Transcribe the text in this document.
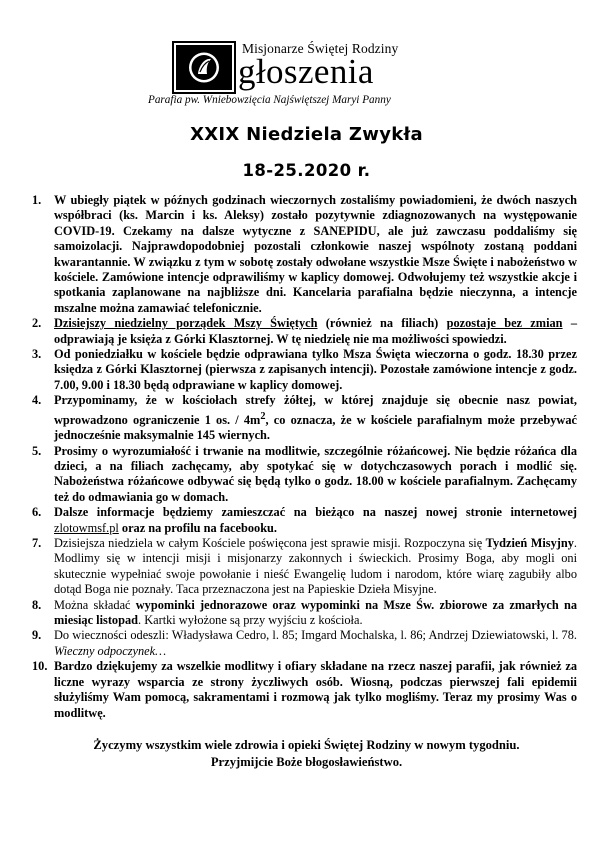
Misjonarze Świętej Rodziny
głoszenia
Parafia pw. Wniebowzięcia Najświętszej Maryi Panny
XXIX Niedziela Zwykła
18-25.2020 r.
1. W ubiegły piątek w późnych godzinach wieczornych zostaliśmy powiadomieni, że dwóch naszych współbraci (ks. Marcin i ks. Aleksy) zostało pozytywnie zdiagnozowanych na występowanie COVID-19. Czekamy na dalsze wytyczne z SANEPIDU, ale już zawczasu poddaliśmy się samoizolacji. Najprawdopodobniej pozostali członkowie naszej wspólnoty zostaną poddani kwarantannie. W związku z tym w sobotę zostały odwołane wszystkie Msze Święte i nabożeństwo w kościele. Zamówione intencje odprawiliśmy w kaplicy domowej. Odwołujemy też wszystkie akcje i spotkania zaplanowane na najbliższe dni. Kancelaria parafialna będzie nieczynna, a intencje mszalne można zamawiać telefonicznie.
2. Dzisiejszy niedzielny porządek Mszy Świętych (również na filiach) pozostaje bez zmian – odprawiają je księża z Górki Klasztornej. W tę niedzielę nie ma możliwości spowiedzi.
3. Od poniedziałku w kościele będzie odprawiana tylko Msza Święta wieczorna o godz. 18.30 przez księdza z Górki Klasztornej (pierwsza z zapisanych intencji). Pozostałe zamówione intencje z godz. 7.00, 9.00 i 18.30 będą odprawiane w kaplicy domowej.
4. Przypominamy, że w kościołach strefy żółtej, w której znajduje się obecnie nasz powiat, wprowadzono ograniczenie 1 os. / $4m^2$, co oznacza, że w kościele parafialnym może przebywać jednocześnie maksymalnie 145 wiernych.
5. Prosimy o wyrozumiałość i trwanie na modlitwie, szczególnie różańcowej. Nie będzie różańca dla dzieci, a na filiach zachęcamy, aby spotykać się w dotychczasowych porach i modlić się. Nabożeństwa różańcowe odbywać się będą tylko o godz. 18.00 w kościele parafialnym. Zachęcamy też do odmawiania go w domach.
6. Dalsze informacje będziemy zamieszczać na bieżąco na naszej nowej stronie internetowej zlotowmsf.pl oraz na profilu na facebooku.
7. Dzisiejsza niedziela w całym Kościele poświęcona jest sprawie misji. Rozpoczyna się Tydzień Misyjny. Modlimy się w intencji misji i misjonarzy zakonnych i świeckich. Prosimy Boga, aby mogli oni skutecznie wypełniać swoje powołanie i nieść Ewangelię ludom i narodom, które wiarę zagubiły albo dotąd Boga nie poznały. Taca przeznaczona jest na Papieskie Dzieła Misyjne.
8. Można składać wypominki jednorazowe oraz wypominki na Msze Św. zbiorowe za zmarłych na miesiąc listopad. Kartki wyłożone są przy wyjściu z kościoła.
9. Do wieczności odeszli: Władysława Cedro, l. 85; Imgard Mochalska, l. 86; Andrzej Dziewiatowski, l. 78. Wieczny odpoczynek…
10. Bardzo dziękujemy za wszelkie modlitwy i ofiary składane na rzecz naszej parafii, jak również za liczne wyrazy wsparcia ze strony życzliwych osób. Wiosną, podczas pierwszej fali epidemii służyliśmy Wam pomocą, sakramentami i rozmową jak tylko mogliśmy. Teraz my prosimy Was o modlitwę.
Życzymy wszystkim wiele zdrowia i opieki Świętej Rodziny w nowym tygodniu.
Przyjmijcie Boże błogosławieństwo.
